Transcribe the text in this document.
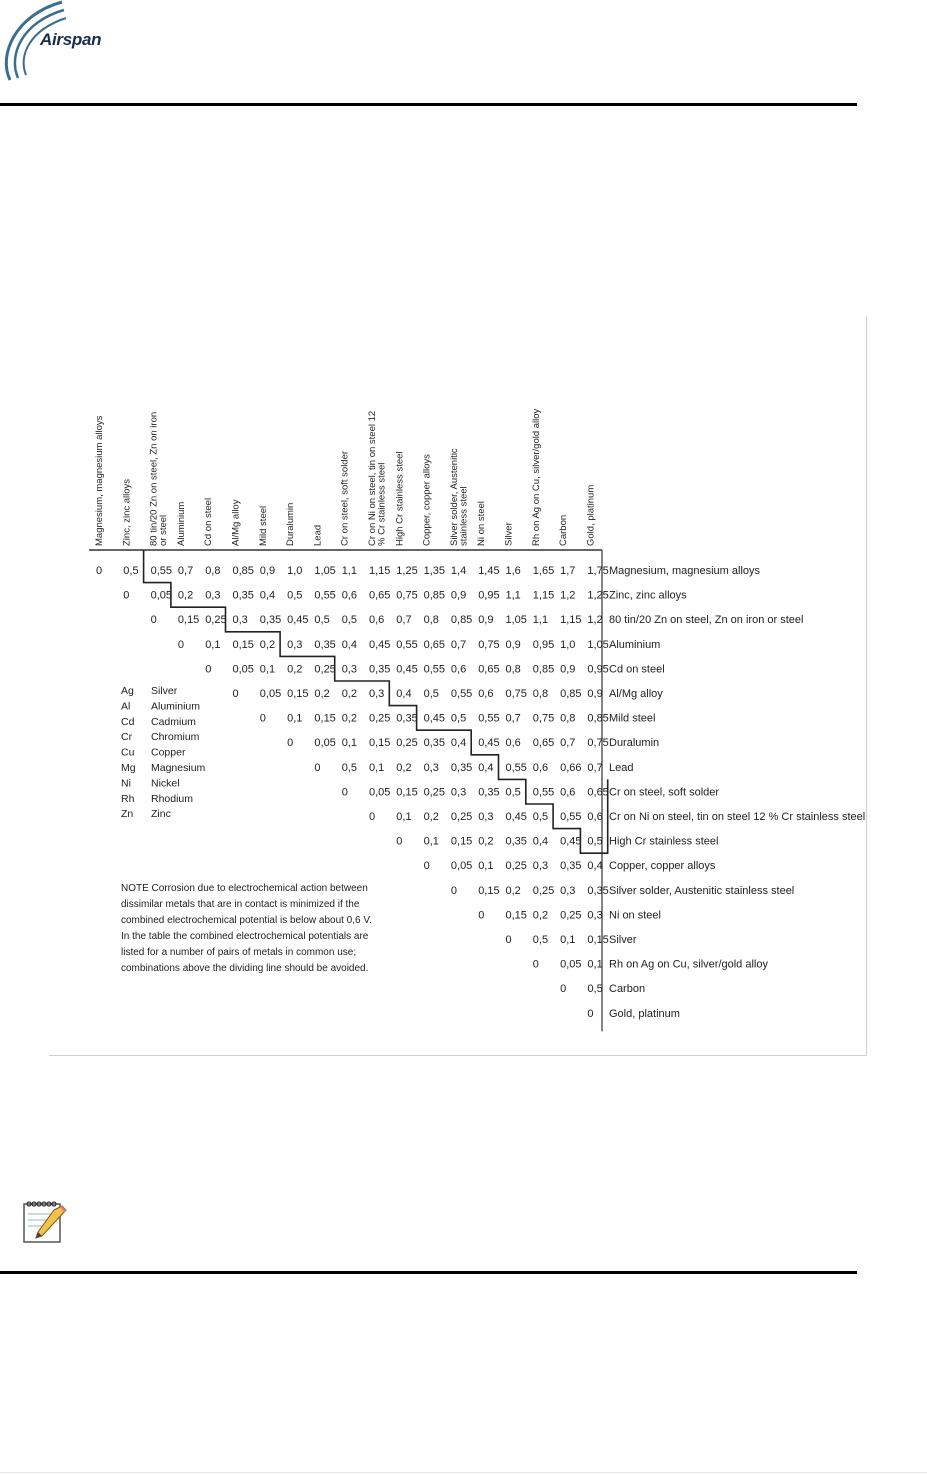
Airspan
Magnesium, magnesium alloys Zinc, zinc alloys 80 tin/20 Zn on steel, Zn on iron
or steel Aluminium Cd on steel Al/Mg alloy Mild steel Duralumin Lead Cr on steel, soft solder Cr on Ni on steel, tin on steel 12
% Cr stainless steel High Cr stainless steel Copper, copper alloys Silver solder, Austenitic
stainless steel Ni on steel Silver Rh on Ag on Cu, silver/gold alloy Carbon Gold, platinum
0 0,5 0,55 0,7 0,8 0,85 0,9 1,0 1,05 1,1 1,15 1,25 1,35 1,4 1,45 1,6 1,65 1,7 1,75 Magnesium, magnesium alloys
0 0,05 0,2 0,3 0,35 0,4 0,5 0,55 0,6 0,65 0,75 0,85 0,9 0,95 1,1 1,15 1,2 1,25 Zinc, zinc alloys
0 0,15 0,25 0,3 0,35 0,45 0,5 0,5 0,6 0,7 0,8 0,85 0,9 1,05 1,1 1,15 1,2 80 tin/20 Zn on steel, Zn on iron or steel
0 0,1 0,15 0,2 0,3 0,35 0,4 0,45 0,55 0,65 0,7 0,75 0,9 0,95 1,0 1,05 Aluminium
0 0,05 0,1 0,2 0,25 0,3 0,35 0,45 0,55 0,6 0,65 0,8 0,85 0,9 0,95 Cd on steel
0 0,05 0,15 0,2 0,2 0,3 0,4 0,5 0,55 0,6 0,75 0,8 0,85 0,9 Al/Mg alloy
0 0,1 0,15 0,2 0,25 0,35 0,45 0,5 0,55 0,7 0,75 0,8 0,85 Mild steel
0 0,05 0,1 0,15 0,25 0,35 0,4 0,45 0,6 0,65 0,7 0,75 Duralumin
0 0,5 0,1 0,2 0,3 0,35 0,4 0,55 0,6 0,66 0,7 Lead
0 0,05 0,15 0,25 0,3 0,35 0,5 0,55 0,6 0,65 Cr on steel, soft solder
0 0,1 0,2 0,25 0,3 0,45 0,5 0,55 0,6 Cr on Ni on steel, tin on steel 12 % Cr stainless steel
0 0,1 0,15 0,2 0,35 0,4 0,45 0,5 High Cr stainless steel
0 0,05 0,1 0,25 0,3 0,35 0,4 Copper, copper alloys
0 0,15 0,2 0,25 0,3 0,35 Silver solder, Austenitic stainless steel
0 0,15 0,2 0,25 0,3 Ni on steel
0 0,5 0,1 0,15 Silver
0 0,05 0,1 Rh on Ag on Cu, silver/gold alloy
0 0,5 Carbon
0 Gold, platinum
Ag Silver
Al Aluminium
Cd Cadmium
Cr Chromium
Cu Copper
Mg Magnesium
Ni Nickel
Rh Rhodium
Zn Zinc
NOTE Corrosion due to electrochemical action between
dissimilar metals that are in contact is minimized if the
combined electrochemical potential is below about 0,6 V.
In the table the combined electrochemical potentials are
listed for a number of pairs of metals in common use;
combinations above the dividing line should be avoided.
